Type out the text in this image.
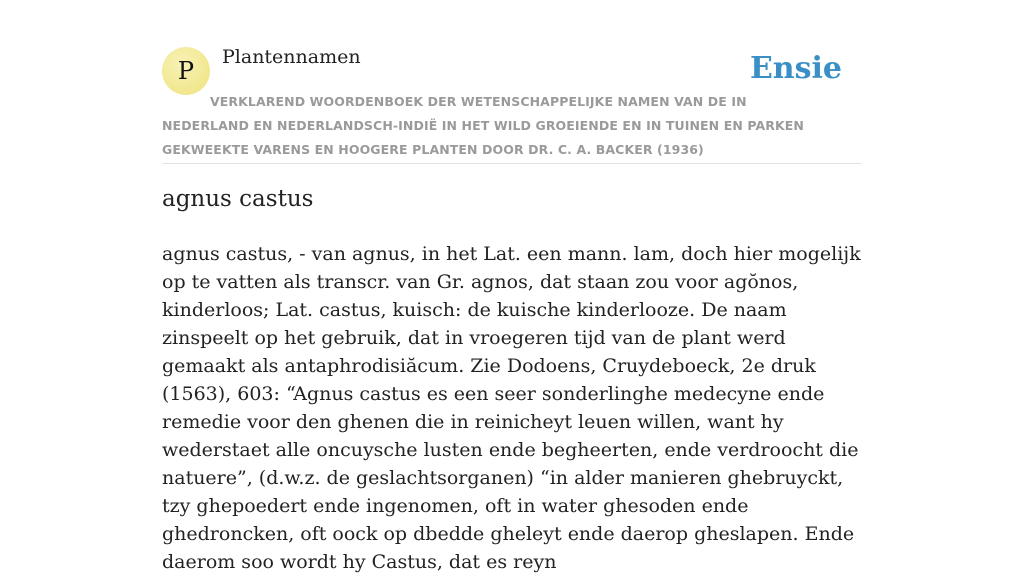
P	Plantennamen	Ensie
VERKLAREND WOORDENBOEK DER WETENSCHAPPELIJKE NAMEN VAN DE IN NEDERLAND EN NEDERLANDSCH-INDIË IN HET WILD GROEIENDE EN IN TUINEN EN PARKEN GEKWEEKTE VARENS EN HOOGERE PLANTEN DOOR DR. C. A. BACKER (1936)
agnus castus

agnus castus, - van agnus, in het Lat. een mann. lam, doch hier mogelijk op te vatten als transcr. van Gr. agnos, dat staan zou voor agŏnos, kinderloos; Lat. castus, kuisch: de kuische kinderlooze. De naam zinspeelt op het gebruik, dat in vroegeren tijd van de plant werd gemaakt als antaphrodisiăcum. Zie Dodoens, Cruydeboeck, 2e druk (1563), 603: “Agnus castus es een seer sonderlinghe medecyne ende remedie voor den ghenen die in reinicheyt leuen willen, want hy wederstaet alle oncuysche lusten ende begheerten, ende verdroocht die natuere”, (d.w.z. de geslachtsorganen) “in alder manieren ghebruyckt, tzy ghepoedert ende ingenomen, oft in water ghesoden ende ghedroncken, oft oock op dbedde gheleyt ende daerop gheslapen. Ende daerom soo wordt hy Castus, dat es reyn
